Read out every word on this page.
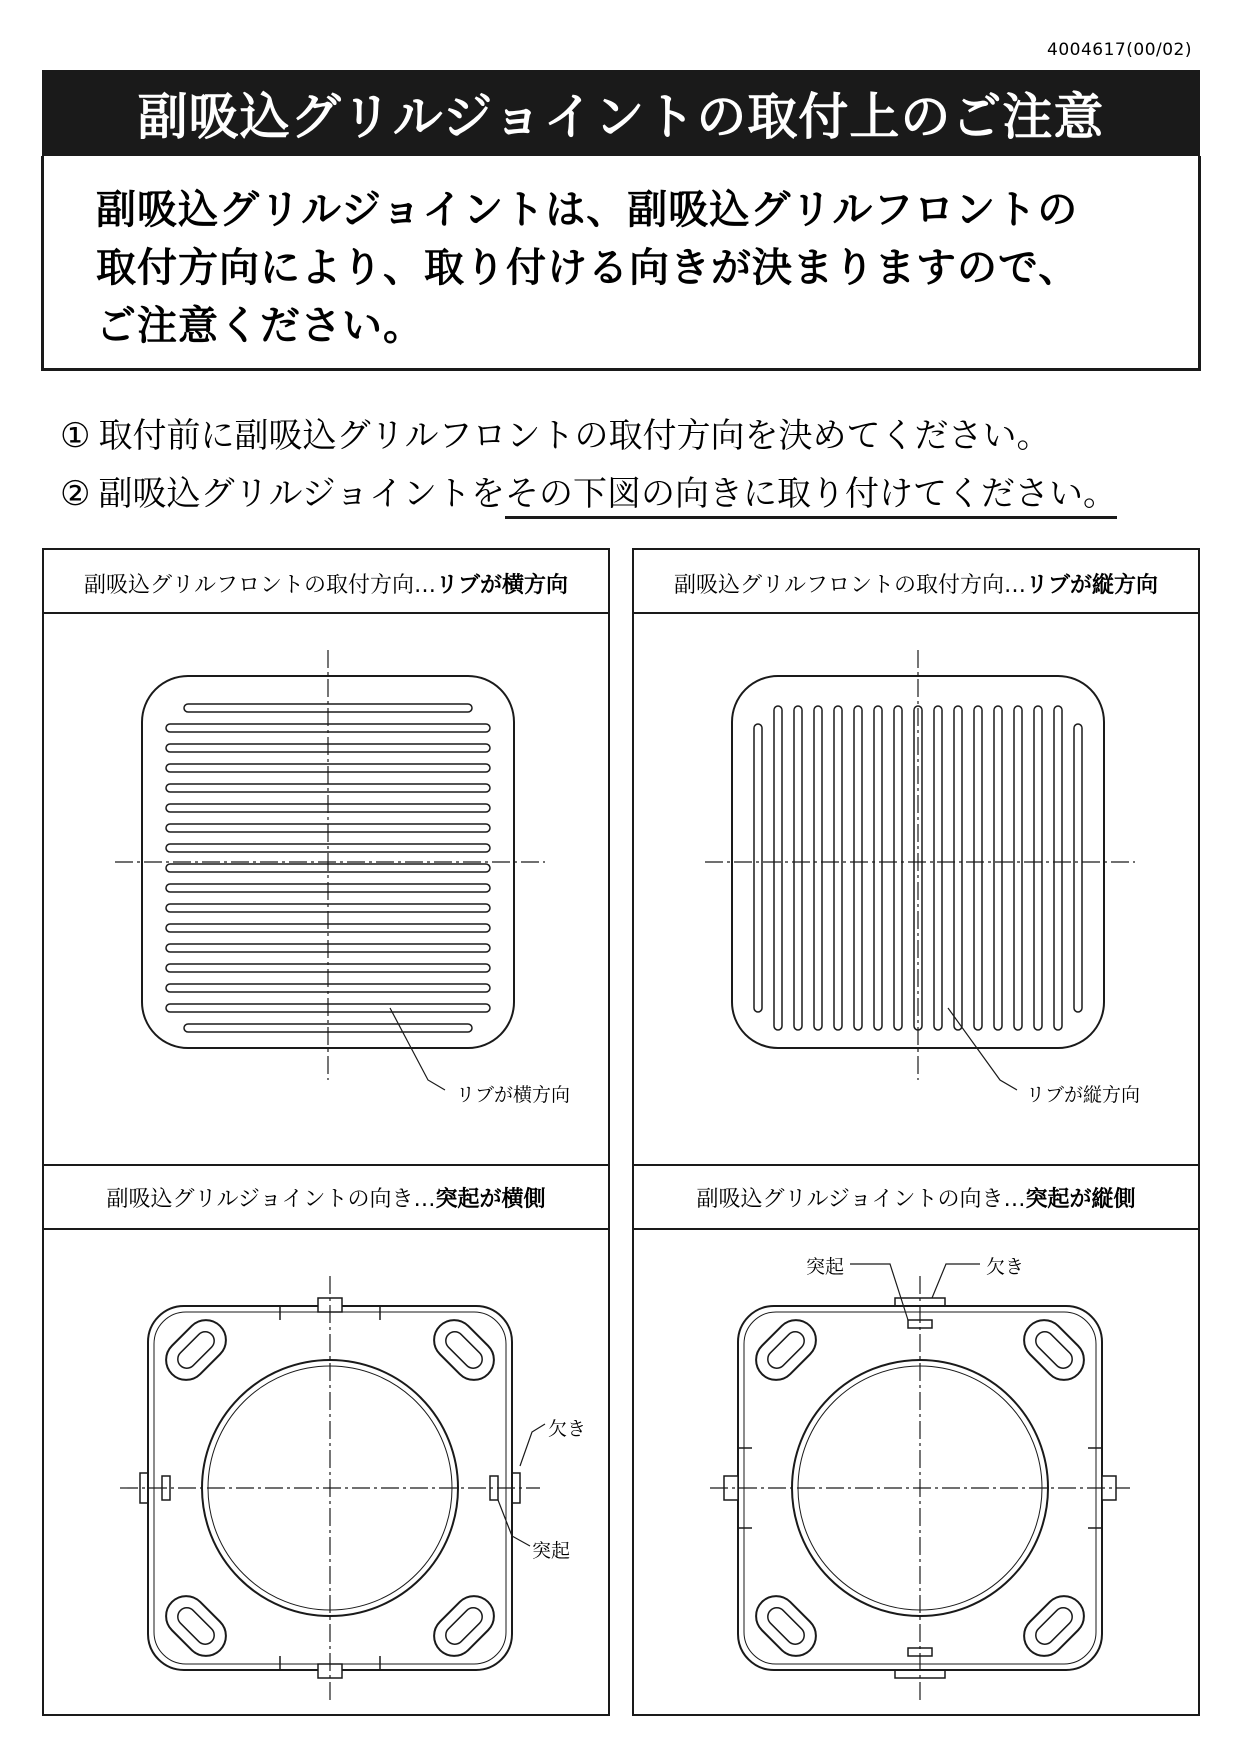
4004617(00/02)
副吸込グリルジョイントの取付上のご注意
副吸込グリルジョイントは、副吸込グリルフロントの
取付方向により、取り付ける向きが決まりますので、
ご注意ください。
① 取付前に副吸込グリルフロントの取付方向を決めてください。
② 副吸込グリルジョイントをその下図の向きに取り付けてください。
副吸込グリルフロントの取付方向…リブが横方向
副吸込グリルジョイントの向き…突起が横側
副吸込グリルフロントの取付方向…リブが縦方向
副吸込グリルジョイントの向き…突起が縦側
リブが横方向	リブが縦方向
欠き
突起
突起	欠き
